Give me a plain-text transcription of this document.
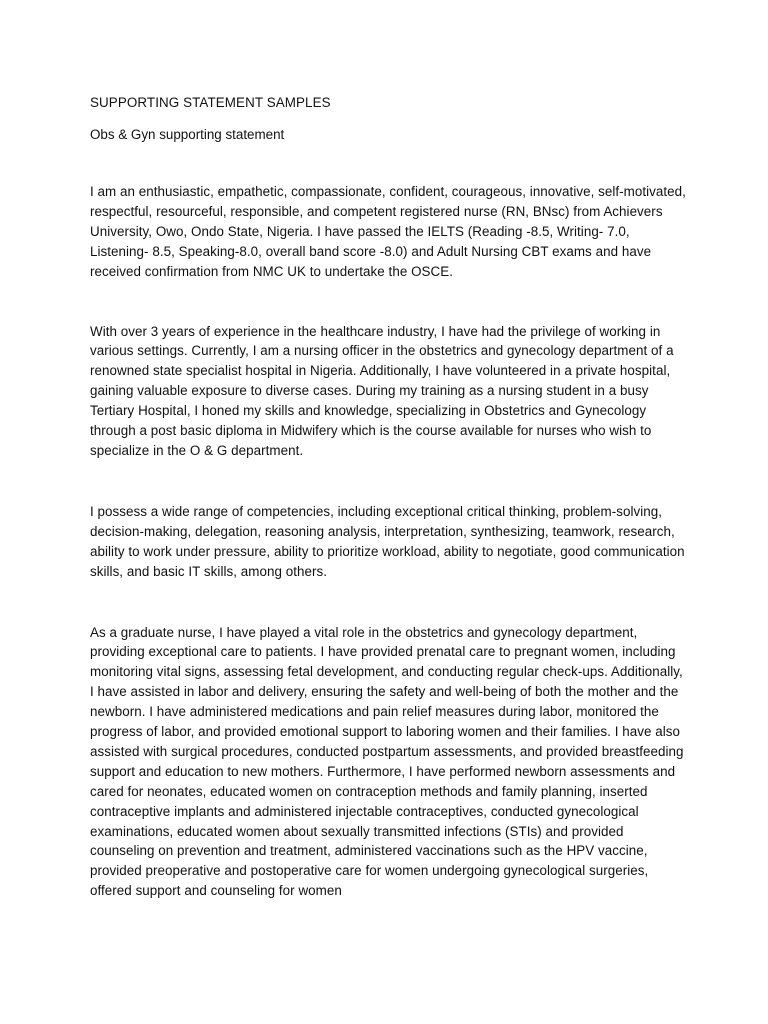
SUPPORTING STATEMENT SAMPLES

Obs & Gyn supporting statement

I am an enthusiastic, empathetic, compassionate, confident, courageous, innovative, self-motivated, respectful, resourceful, responsible, and competent registered nurse (RN, BNsc) from Achievers University, Owo, Ondo State, Nigeria. I have passed the IELTS (Reading -8.5, Writing- 7.0, Listening- 8.5, Speaking-8.0, overall band score -8.0) and Adult Nursing CBT exams and have received confirmation from NMC UK to undertake the OSCE.

With over 3 years of experience in the healthcare industry, I have had the privilege of working in various settings. Currently, I am a nursing officer in the obstetrics and gynecology department of a renowned state specialist hospital in Nigeria. Additionally, I have volunteered in a private hospital, gaining valuable exposure to diverse cases. During my training as a nursing student in a busy Tertiary Hospital, I honed my skills and knowledge, specializing in Obstetrics and Gynecology through a post basic diploma in Midwifery which is the course available for nurses who wish to specialize in the O & G department.

I possess a wide range of competencies, including exceptional critical thinking, problem-solving, decision-making, delegation, reasoning analysis, interpretation, synthesizing, teamwork, research, ability to work under pressure, ability to prioritize workload, ability to negotiate, good communication skills, and basic IT skills, among others.

As a graduate nurse, I have played a vital role in the obstetrics and gynecology department, providing exceptional care to patients. I have provided prenatal care to pregnant women, including monitoring vital signs, assessing fetal development, and conducting regular check-ups. Additionally, I have assisted in labor and delivery, ensuring the safety and well-being of both the mother and the newborn. I have administered medications and pain relief measures during labor, monitored the progress of labor, and provided emotional support to laboring women and their families. I have also assisted with surgical procedures, conducted postpartum assessments, and provided breastfeeding support and education to new mothers. Furthermore, I have performed newborn assessments and cared for neonates, educated women on contraception methods and family planning, inserted contraceptive implants and administered injectable contraceptives, conducted gynecological examinations, educated women about sexually transmitted infections (STIs) and provided counseling on prevention and treatment, administered vaccinations such as the HPV vaccine, provided preoperative and postoperative care for women undergoing gynecological surgeries, offered support and counseling for women
